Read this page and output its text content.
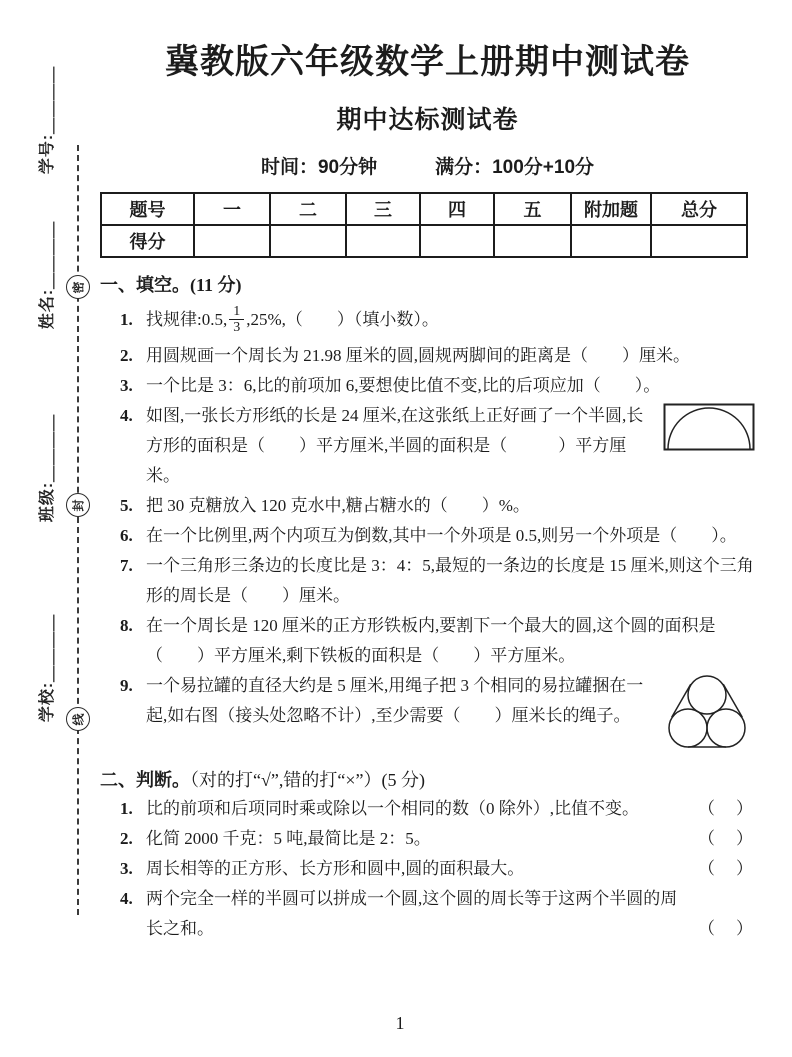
学号:＿＿＿＿
姓名:＿＿＿＿
班级:＿＿＿＿
学校:＿＿＿＿
密
封
线
冀教版六年级数学上册期中测试卷
期中达标测试卷
时间：90分钟	满分：100分+10分
题号	一	二	三	四	五	附加题	总分
得分							
一、填空。(11 分)
1. 找规律:0.5, $\frac{1}{3} ,25\%$,（　　）（填小数）。
2. 用圆规画一个周长为 21.98 厘米的圆,圆规两脚间的距离是（　　）厘米。
3. 一个比是 3：6,比的前项加 6,要想使比值不变,比的后项应加（　　）。
4. 如图,一张长方形纸的长是 24 厘米,在这张纸上正好画了一个半圆,长方形的面积是（　　）平方厘米,半圆的面积是（　　　）平方厘米。
5. 把 30 克糖放入 120 克水中,糖占糖水的（　　）%。
6. 在一个比例里,两个内项互为倒数,其中一个外项是 0.5,则另一个外项是（　　）。
7. 一个三角形三条边的长度比是 3：4：5,最短的一条边的长度是 15 厘米,则这个三角形的周长是（　　）厘米。
8. 在一个周长是 120 厘米的正方形铁板内,要割下一个最大的圆,这个圆的面积是（　　）平方厘米,剩下铁板的面积是（　　）平方厘米。
9. 一个易拉罐的直径大约是 5 厘米,用绳子把 3 个相同的易拉罐捆在一起,如右图（接头处忽略不计）,至少需要（　　）厘米长的绳子。
二、判断。（对的打“√”,错的打“×”）(5 分)
1. 比的前项和后项同时乘或除以一个相同的数（0 除外）,比值不变。	（　）
2. 化简 2000 千克：5 吨,最简比是 2：5。	（　）
3. 周长相等的正方形、长方形和圆中,圆的面积最大。	（　）
4. 两个完全一样的半圆可以拼成一个圆,这个圆的周长等于这两个半圆的周长之和。	（　）
1
